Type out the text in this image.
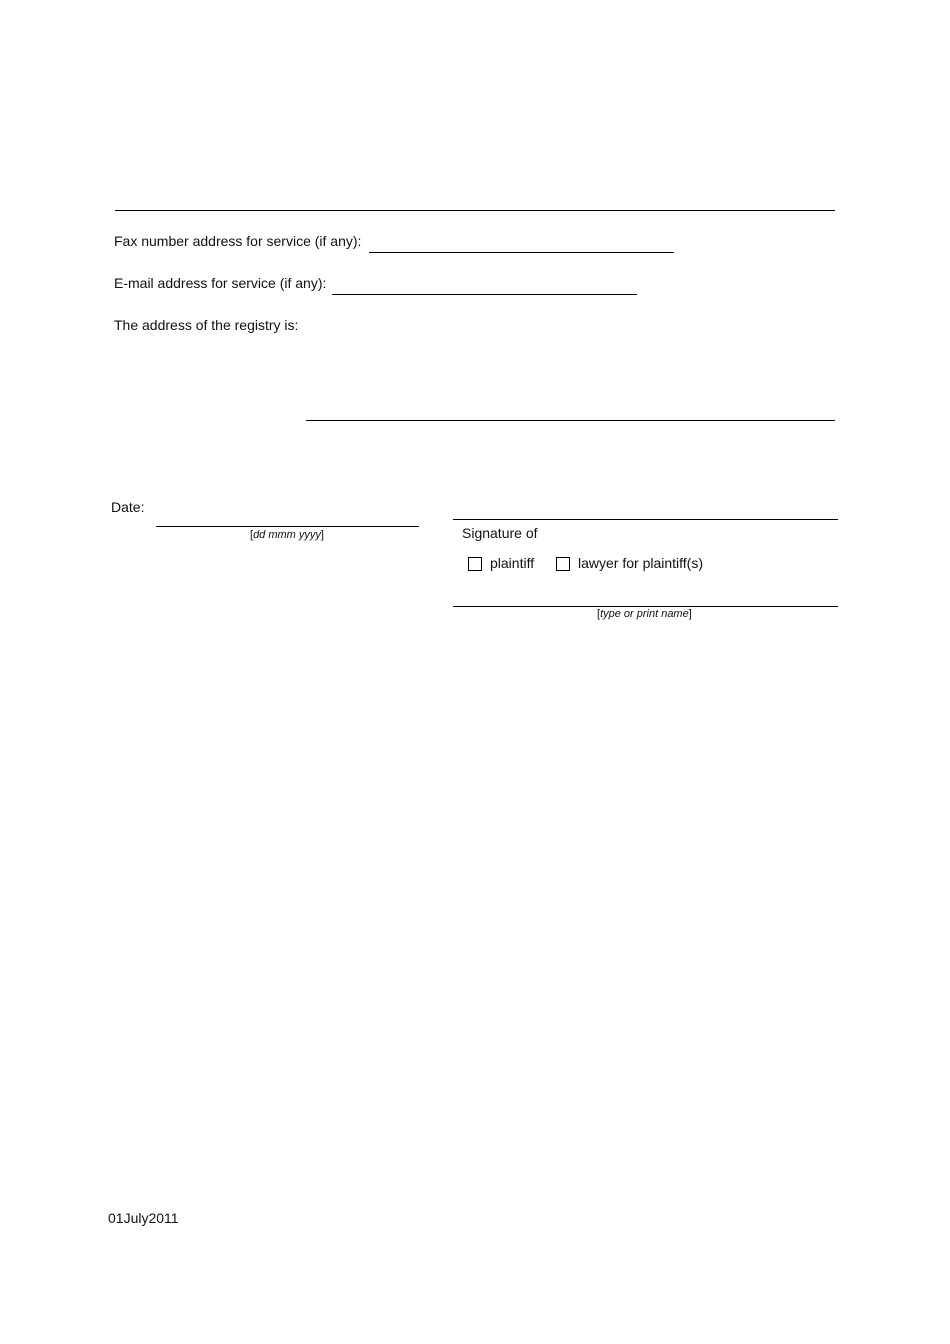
Fax number address for service (if any):
E-mail address for service (if any):
The address of the registry is:
Date:
[dd mmm yyyy]	Signature of
plaintiff	lawyer for plaintiff(s)
[type or print name]
01July2011
